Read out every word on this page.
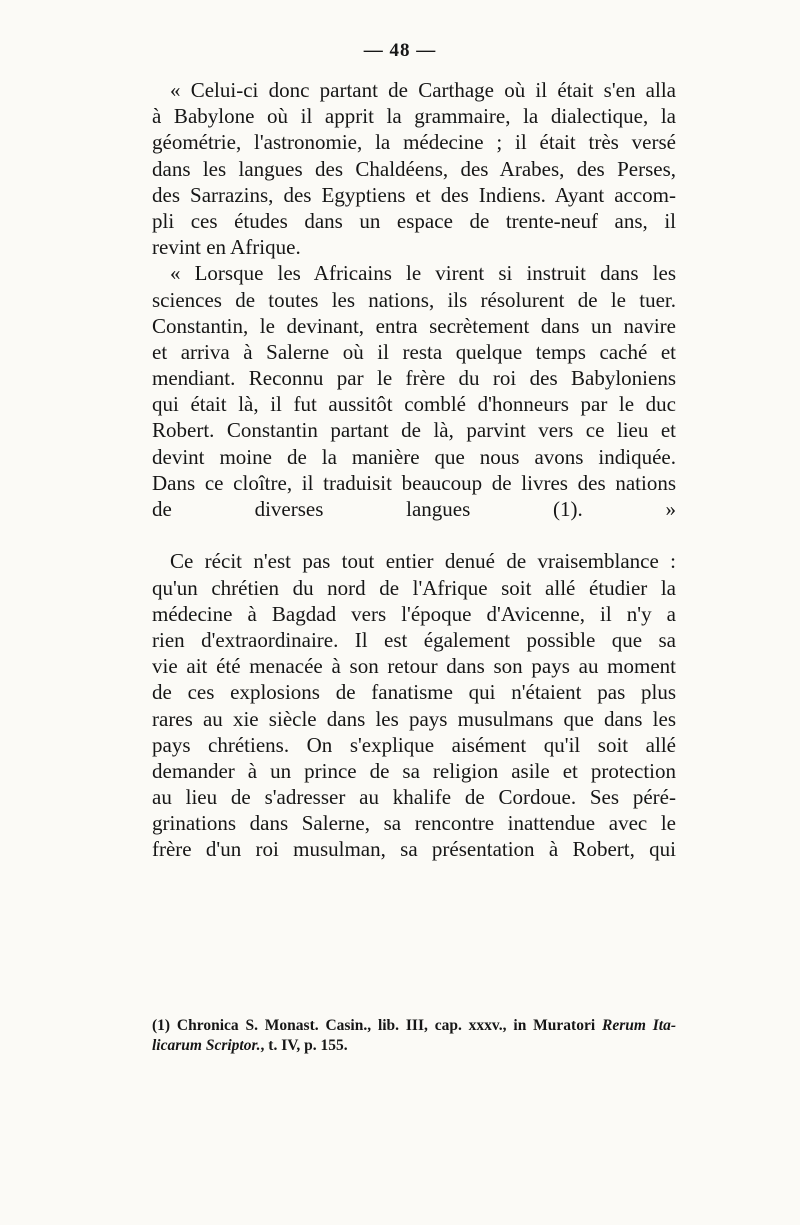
— 48 —
« Celui-ci donc partant de Carthage où il était s'en alla
à Babylone où il apprit la grammaire, la dialectique, la
géométrie, l'astronomie, la médecine ; il était très versé
dans les langues des Chaldéens, des Arabes, des Perses,
des Sarrazins, des Egyptiens et des Indiens. Ayant accom-
pli ces études dans un espace de trente-neuf ans, il
revint en Afrique.
« Lorsque les Africains le virent si instruit dans les
sciences de toutes les nations, ils résolurent de le tuer.
Constantin, le devinant, entra secrètement dans un navire
et arriva à Salerne où il resta quelque temps caché et
mendiant. Reconnu par le frère du roi des Babyloniens
qui était là, il fut aussitôt comblé d'honneurs par le duc
Robert. Constantin partant de là, parvint vers ce lieu et
devint moine de la manière que nous avons indiquée.
Dans ce cloître, il traduisit beaucoup de livres des nations
de diverses langues (1). »
Ce récit n'est pas tout entier denué de vraisemblance :
qu'un chrétien du nord de l'Afrique soit allé étudier la
médecine à Bagdad vers l'époque d'Avicenne, il n'y a
rien d'extraordinaire. Il est également possible que sa
vie ait été menacée à son retour dans son pays au moment
de ces explosions de fanatisme qui n'étaient pas plus
rares au xie siècle dans les pays musulmans que dans les
pays chrétiens. On s'explique aisément qu'il soit allé
demander à un prince de sa religion asile et protection
au lieu de s'adresser au khalife de Cordoue. Ses péré-
grinations dans Salerne, sa rencontre inattendue avec le
frère d'un roi musulman, sa présentation à Robert, qui
(1) Chronica S. Monast. Casin., lib. III, cap. xxxv., in Muratori Rerum Ita-
licarum Scriptor., t. IV, p. 155.
